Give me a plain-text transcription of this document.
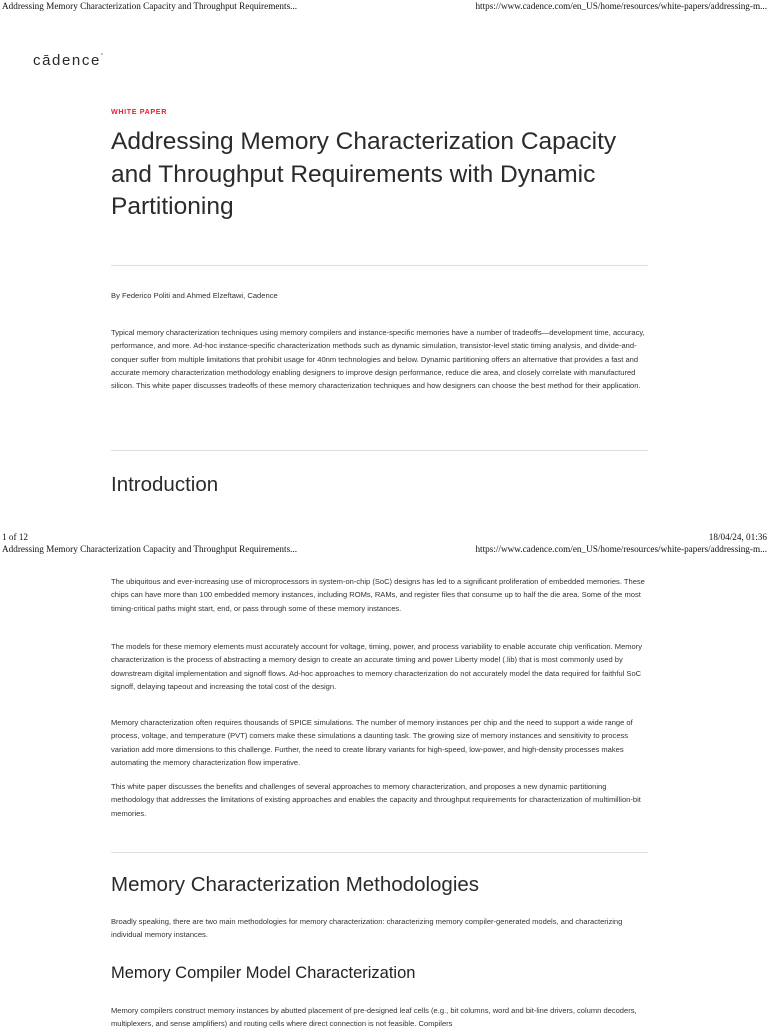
Addressing Memory Characterization Capacity and Throughput Requirements...	https://www.cadence.com/en_US/home/resources/white-papers/addressing-m...
cādence°
WHITE PAPER
Addressing Memory Characterization Capacity and Throughput Requirements with Dynamic Partitioning
By Federico Politi and Ahmed Elzeftawi, Cadence

Typical memory characterization techniques using memory compilers and instance-specific memories have a number of tradeoffs—development time, accuracy, performance, and more. Ad-hoc instance-specific characterization methods such as dynamic simulation, transistor-level static timing analysis, and divide-and-conquer suffer from multiple limitations that prohibit usage for 40nm technologies and below. Dynamic partitioning offers an alternative that provides a fast and accurate memory characterization methodology enabling designers to improve design performance, reduce die area, and closely correlate with manufactured silicon. This white paper discusses tradeoffs of these memory characterization techniques and how designers can choose the best method for their application.

Introduction
1 of 12	18/04/24, 01:36
Addressing Memory Characterization Capacity and Throughput Requirements...	https://www.cadence.com/en_US/home/resources/white-papers/addressing-m...

The ubiquitous and ever-increasing use of microprocessors in system-on-chip (SoC) designs has led to a significant proliferation of embedded memories. These chips can have more than 100 embedded memory instances, including ROMs, RAMs, and register files that consume up to half the die area. Some of the most timing-critical paths might start, end, or pass through some of these memory instances.

The models for these memory elements must accurately account for voltage, timing, power, and process variability to enable accurate chip verification. Memory characterization is the process of abstracting a memory design to create an accurate timing and power Liberty model (.lib) that is most commonly used by downstream digital implementation and signoff flows. Ad-hoc approaches to memory characterization do not accurately model the data required for faithful SoC signoff, delaying tapeout and increasing the total cost of the design.

Memory characterization often requires thousands of SPICE simulations. The number of memory instances per chip and the need to support a wide range of process, voltage, and temperature (PVT) corners make these simulations a daunting task. The growing size of memory instances and sensitivity to process variation add more dimensions to this challenge. Further, the need to create library variants for high-speed, low-power, and high-density processes makes automating the memory characterization flow imperative.

This white paper discusses the benefits and challenges of several approaches to memory characterization, and proposes a new dynamic partitioning methodology that addresses the limitations of existing approaches and enables the capacity and throughput requirements for characterization of multimillion-bit memories.

Memory Characterization Methodologies

Broadly speaking, there are two main methodologies for memory characterization: characterizing memory compiler-generated models, and characterizing individual memory instances.

Memory Compiler Model Characterization

Memory compilers construct memory instances by abutted placement of pre-designed leaf cells (e.g., bit columns, word and bit-line drivers, column decoders, multiplexers, and sense amplifiers) and routing cells where direct connection is not feasible. Compilers
